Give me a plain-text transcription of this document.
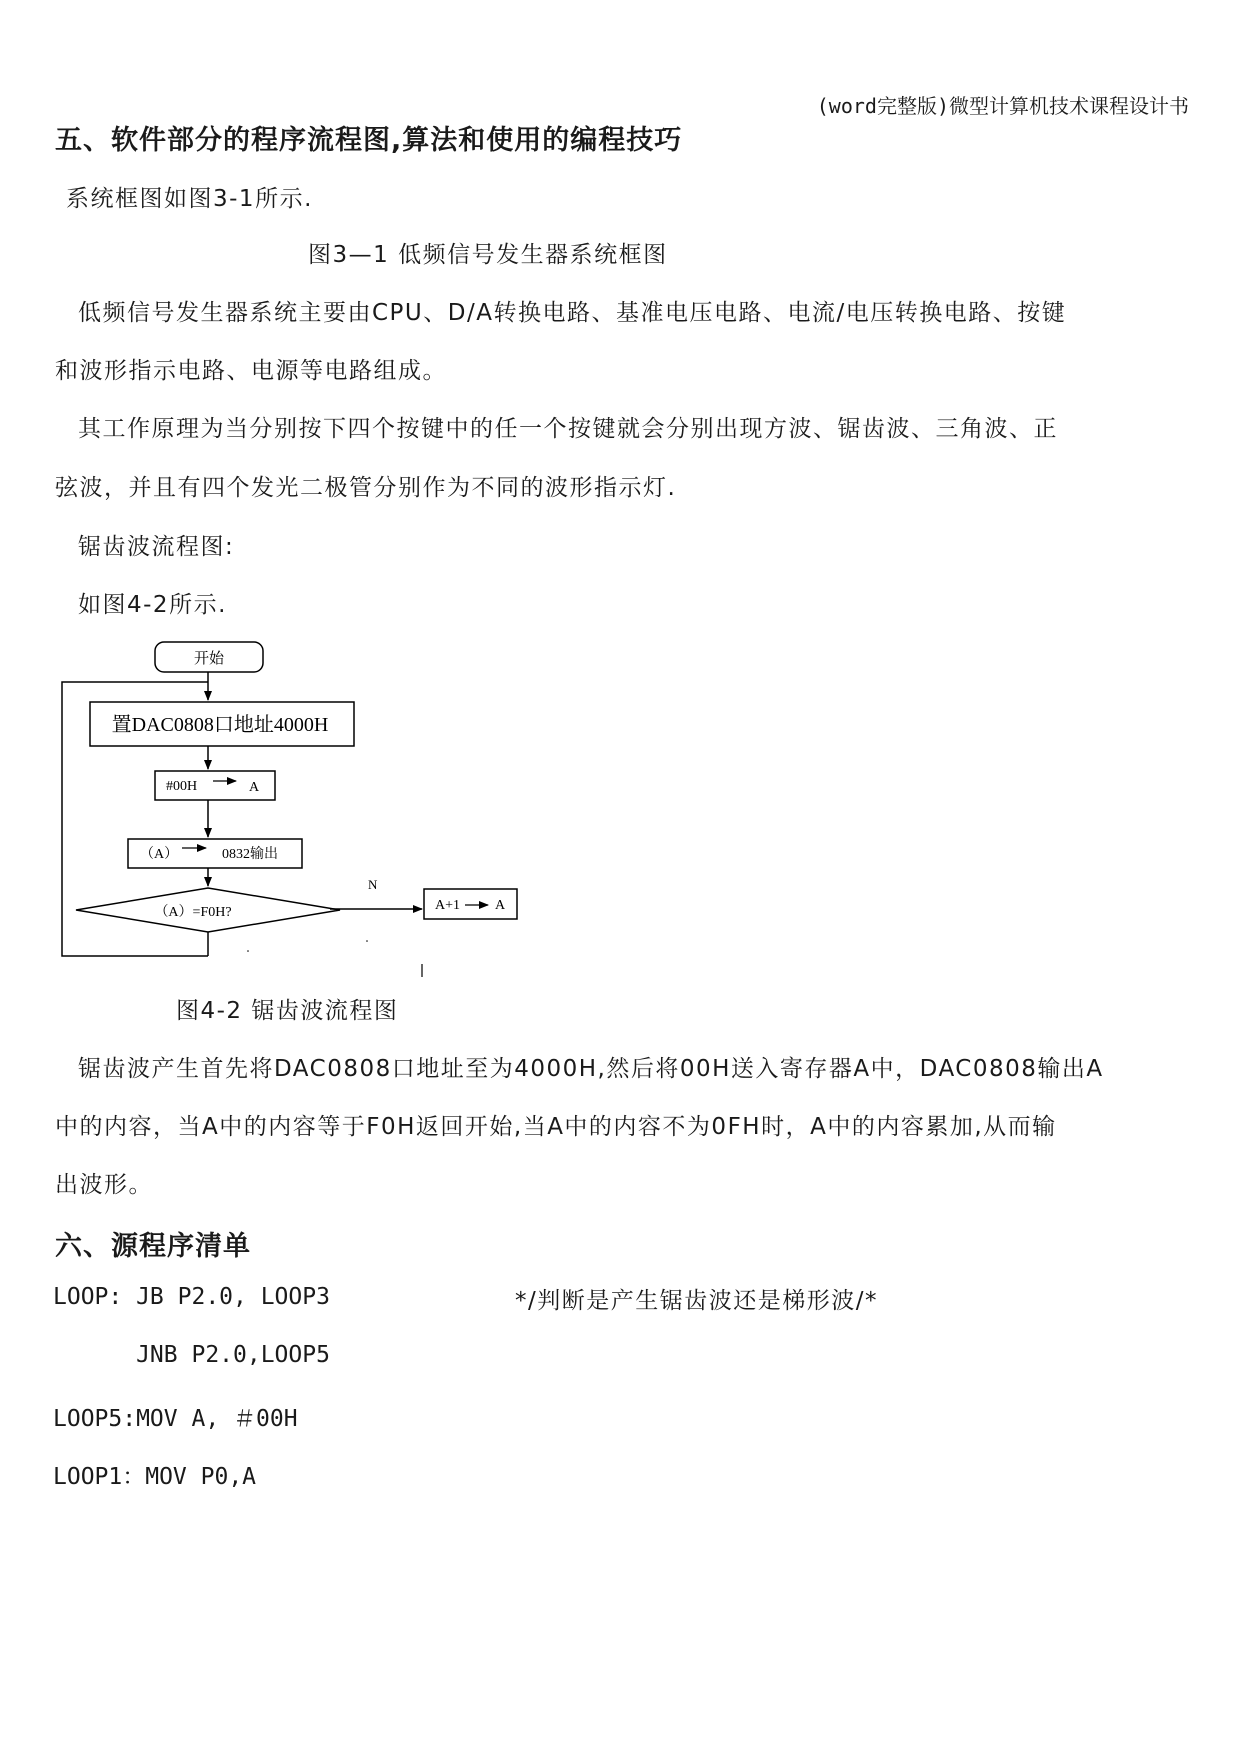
(word完整版)微型计算机技术课程设计书
五、软件部分的程序流程图,算法和使用的编程技巧
系统框图如图3-1所示.
图3—1 低频信号发生器系统框图
低频信号发生器系统主要由CPU、D/A转换电路、基准电压电路、电流/电压转换电路、按键
和波形指示电路、电源等电路组成。
其工作原理为当分别按下四个按键中的任一个按键就会分别出现方波、锯齿波、三角波、正
弦波，并且有四个发光二极管分别作为不同的波形指示灯.
锯齿波流程图:
如图4-2所示.
开始
置DAC0808口地址4000H
#00H	A
（A）	0832输出
（A）=F0H?
N
A+1 A
图4-2 锯齿波流程图
锯齿波产生首先将DAC0808口地址至为4000H,然后将00H送入寄存器A中，DAC0808输出A
中的内容，当A中的内容等于F0H返回开始,当A中的内容不为0FH时，A中的内容累加,从而输
出波形。
六、源程序清单
LOOP: JB P2.0, LOOP3	*/判断是产生锯齿波还是梯形波/*
JNB P2.0,LOOP5
LOOP5:MOV A, ＃00H
LOOP1：MOV P0,A
